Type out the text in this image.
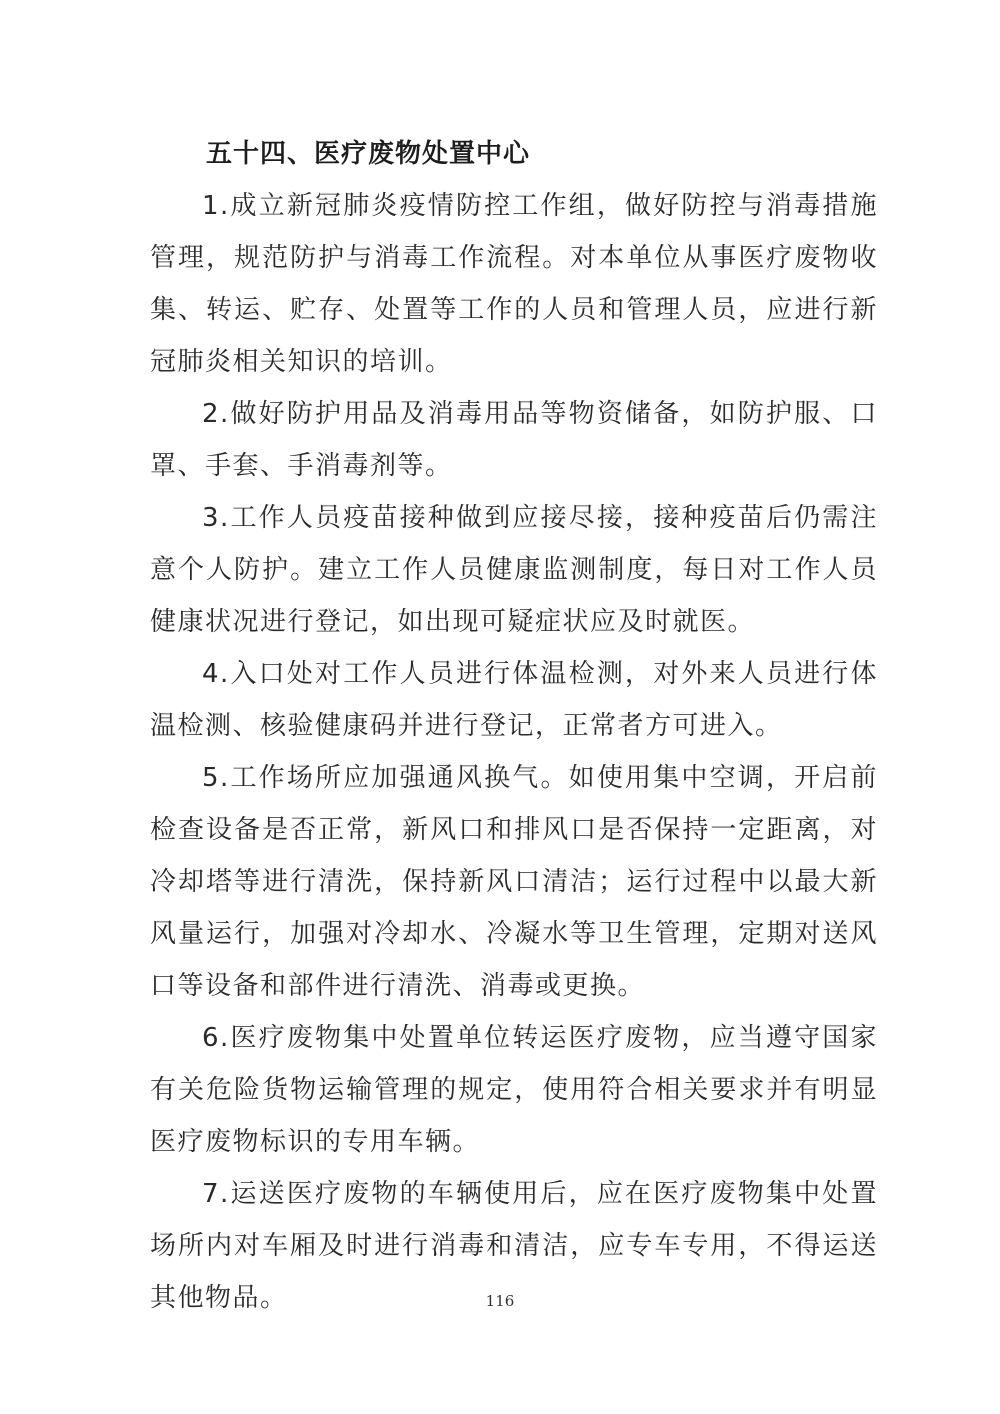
五十四、医疗废物处置中心

1.成立新冠肺炎疫情防控工作组，做好防控与消毒措施管理，规范防护与消毒工作流程。对本单位从事医疗废物收集、转运、贮存、处置等工作的人员和管理人员，应进行新冠肺炎相关知识的培训。

2.做好防护用品及消毒用品等物资储备，如防护服、口罩、手套、手消毒剂等。

3.工作人员疫苗接种做到应接尽接，接种疫苗后仍需注意个人防护。建立工作人员健康监测制度，每日对工作人员健康状况进行登记，如出现可疑症状应及时就医。

4.入口处对工作人员进行体温检测，对外来人员进行体温检测、核验健康码并进行登记，正常者方可进入。

5.工作场所应加强通风换气。如使用集中空调，开启前检查设备是否正常，新风口和排风口是否保持一定距离，对冷却塔等进行清洗，保持新风口清洁；运行过程中以最大新风量运行，加强对冷却水、冷凝水等卫生管理，定期对送风口等设备和部件进行清洗、消毒或更换。

6.医疗废物集中处置单位转运医疗废物，应当遵守国家有关危险货物运输管理的规定，使用符合相关要求并有明显医疗废物标识的专用车辆。

7.运送医疗废物的车辆使用后，应在医疗废物集中处置场所内对车厢及时进行消毒和清洁，应专车专用，不得运送其他物品。	116
